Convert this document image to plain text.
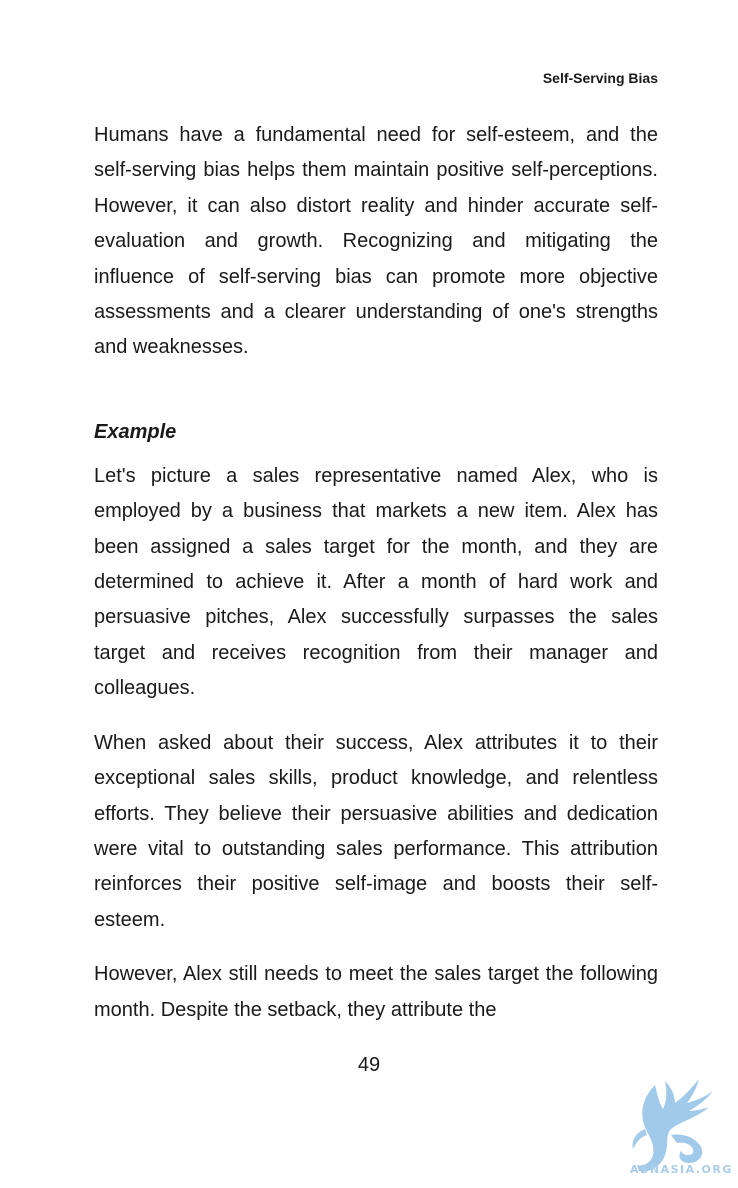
Self-Serving Bias

Humans have a fundamental need for self-esteem, and the self-serving bias helps them maintain positive self-perceptions. However, it can also distort reality and hinder accurate self-evaluation and growth. Recognizing and mitigating the influence of self-serving bias can promote more objective assessments and a clearer understanding of one's strengths and weaknesses.

Example

Let's picture a sales representative named Alex, who is employed by a business that markets a new item. Alex has been assigned a sales target for the month, and they are determined to achieve it. After a month of hard work and persuasive pitches, Alex successfully surpasses the sales target and receives recognition from their manager and colleagues.

When asked about their success, Alex attributes it to their exceptional sales skills, product knowledge, and relentless efforts. They believe their persuasive abilities and dedication were vital to outstanding sales performance. This attribution reinforces their positive self-image and boosts their self-esteem.

However, Alex still needs to meet the sales target the following month. Despite the setback, they attribute the

49
ABNASIA.ORG
